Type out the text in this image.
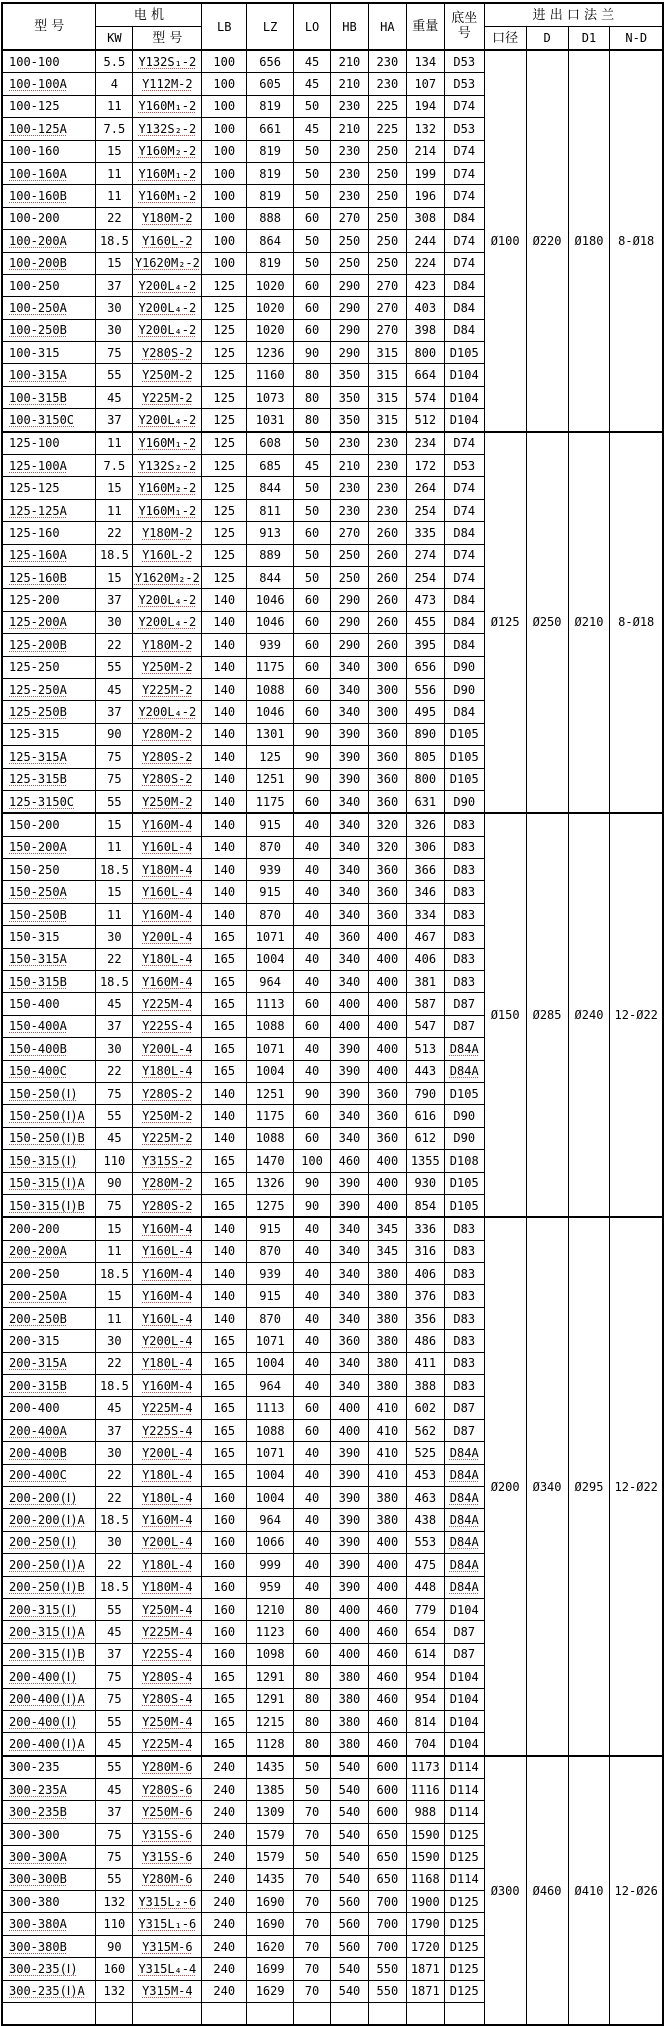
型 号	电 机		LB	LZ	LO	HB	HA	重量	底坐
号	进 出 口 法 兰			
	KW	型 号								口径	D	D1	N-D
100-100	5.5	Y132S₁-2	100	656	45	210	230	134	D53	Ø100	Ø220	Ø180	8-Ø18
100-100A	4	Y112M-2	100	605	45	210	230	107	D53				
100-125	11	Y160M₁-2	100	819	50	230	225	194	D74				
100-125A	7.5	Y132S₂-2	100	661	45	210	225	132	D53				
100-160	15	Y160M₂-2	100	819	50	230	250	214	D74				
100-160A	11	Y160M₁-2	100	819	50	230	250	199	D74				
100-160B	11	Y160M₁-2	100	819	50	230	250	196	D74				
100-200	22	Y180M-2	100	888	60	270	250	308	D84				
100-200A	18.5	Y160L-2	100	864	50	250	250	244	D74				
100-200B	15	Y1620M₂-2	100	819	50	250	250	224	D74				
100-250	37	Y200L₄-2	125	1020	60	290	270	423	D84				
100-250A	30	Y200L₄-2	125	1020	60	290	270	403	D84				
100-250B	30	Y200L₄-2	125	1020	60	290	270	398	D84				
100-315	75	Y280S-2	125	1236	90	290	315	800	D105				
100-315A	55	Y250M-2	125	1160	80	350	315	664	D104				
100-315B	45	Y225M-2	125	1073	80	350	315	574	D104				
100-3150C	37	Y200L₄-2	125	1031	80	350	315	512	D104				
125-100	11	Y160M₁-2	125	608	50	230	230	234	D74	Ø125	Ø250	Ø210	8-Ø18
125-100A	7.5	Y132S₂-2	125	685	45	210	230	172	D53				
125-125	15	Y160M₂-2	125	844	50	230	230	264	D74				
125-125A	11	Y160M₁-2	125	811	50	230	230	254	D74				
125-160	22	Y180M-2	125	913	60	270	260	335	D84				
125-160A	18.5	Y160L-2	125	889	50	250	260	274	D74				
125-160B	15	Y1620M₂-2	125	844	50	250	260	254	D74				
125-200	37	Y200L₄-2	140	1046	60	290	260	473	D84				
125-200A	30	Y200L₄-2	140	1046	60	290	260	455	D84				
125-200B	22	Y180M-2	140	939	60	290	260	395	D84				
125-250	55	Y250M-2	140	1175	60	340	300	656	D90				
125-250A	45	Y225M-2	140	1088	60	340	300	556	D90				
125-250B	37	Y200L₄-2	140	1046	60	340	300	495	D84				
125-315	90	Y280M-2	140	1301	90	390	360	890	D105				
125-315A	75	Y280S-2	140	125	90	390	360	805	D105				
125-315B	75	Y280S-2	140	1251	90	390	360	800	D105				
125-3150C	55	Y250M-2	140	1175	60	340	360	631	D90				
150-200	15	Y160M-4	140	915	40	340	320	326	D83	Ø150	Ø285	Ø240	12-Ø22
150-200A	11	Y160L-4	140	870	40	340	320	306	D83				
150-250	18.5	Y180M-4	140	939	40	340	360	366	D83				
150-250A	15	Y160L-4	140	915	40	340	360	346	D83				
150-250B	11	Y160M-4	140	870	40	340	360	334	D83				
150-315	30	Y200L-4	165	1071	40	360	400	467	D83				
150-315A	22	Y180L-4	165	1004	40	340	400	406	D83				
150-315B	18.5	Y160M-4	165	964	40	340	400	381	D83				
150-400	45	Y225M-4	165	1113	60	400	400	587	D87				
150-400A	37	Y225S-4	165	1088	60	400	400	547	D87				
150-400B	30	Y200L-4	165	1071	40	390	400	513	D84A				
150-400C	22	Y180L-4	165	1004	40	390	400	443	D84A				
150-250(Ⅰ)	75	Y280S-2	140	1251	90	390	360	790	D105				
150-250(Ⅰ)A	55	Y250M-2	140	1175	60	340	360	616	D90				
150-250(Ⅰ)B	45	Y225M-2	140	1088	60	340	360	612	D90				
150-315(Ⅰ)	110	Y315S-2	165	1470	100	460	400	1355	D108				
150-315(Ⅰ)A	90	Y280M-2	165	1326	90	390	400	930	D105				
150-315(Ⅰ)B	75	Y280S-2	165	1275	90	390	400	854	D105				
200-200	15	Y160M-4	140	915	40	340	345	336	D83	Ø200	Ø340	Ø295	12-Ø22
200-200A	11	Y160L-4	140	870	40	340	345	316	D83				
200-250	18.5	Y160M-4	140	939	40	340	380	406	D83				
200-250A	15	Y160M-4	140	915	40	340	380	376	D83				
200-250B	11	Y160L-4	140	870	40	340	380	356	D83				
200-315	30	Y200L-4	165	1071	40	360	380	486	D83				
200-315A	22	Y180L-4	165	1004	40	340	380	411	D83				
200-315B	18.5	Y160M-4	165	964	40	340	380	388	D83				
200-400	45	Y225M-4	165	1113	60	400	410	602	D87				
200-400A	37	Y225S-4	165	1088	60	400	410	562	D87				
200-400B	30	Y200L-4	165	1071	40	390	410	525	D84A				
200-400C	22	Y180L-4	165	1004	40	390	410	453	D84A				
200-200(Ⅰ)	22	Y180L-4	160	1004	40	390	380	463	D84A				
200-200(Ⅰ)A	18.5	Y160M-4	160	964	40	390	380	438	D84A				
200-250(Ⅰ)	30	Y200L-4	160	1066	40	390	400	553	D84A				
200-250(Ⅰ)A	22	Y180L-4	160	999	40	390	400	475	D84A				
200-250(Ⅰ)B	18.5	Y180M-4	160	959	40	390	400	448	D84A				
200-315(Ⅰ)	55	Y250M-4	160	1210	80	400	460	779	D104				
200-315(Ⅰ)A	45	Y225M-4	160	1123	60	400	460	654	D87				
200-315(Ⅰ)B	37	Y225S-4	160	1098	60	400	460	614	D87				
200-400(Ⅰ)	75	Y280S-4	165	1291	80	380	460	954	D104				
200-400(Ⅰ)A	75	Y280S-4	165	1291	80	380	460	954	D104				
200-400(Ⅰ)	55	Y250M-4	165	1215	80	380	460	814	D104				
200-400(Ⅰ)A	45	Y225M-4	165	1128	80	380	460	704	D104				
300-235	55	Y280M-6	240	1435	50	540	600	1173	D114	Ø300	Ø460	Ø410	12-Ø26
300-235A	45	Y280S-6	240	1385	50	540	600	1116	D114				
300-235B	37	Y250M-6	240	1309	70	540	600	988	D114				
300-300	75	Y315S-6	240	1579	70	540	650	1590	D125				
300-300A	75	Y315S-6	240	1579	50	540	650	1590	D125				
300-300B	55	Y280M-6	240	1435	70	540	650	1168	D114				
300-380	132	Y315L₂-6	240	1690	70	560	700	1900	D125				
300-380A	110	Y315L₁-6	240	1690	70	560	700	1790	D125				
300-380B	90	Y315M-6	240	1620	70	560	700	1720	D125				
300-235(Ⅰ)	160	Y315L₄-4	240	1699	70	540	550	1871	D125				
300-235(Ⅰ)A	132	Y315M-4	240	1629	70	540	550	1871	D125				
